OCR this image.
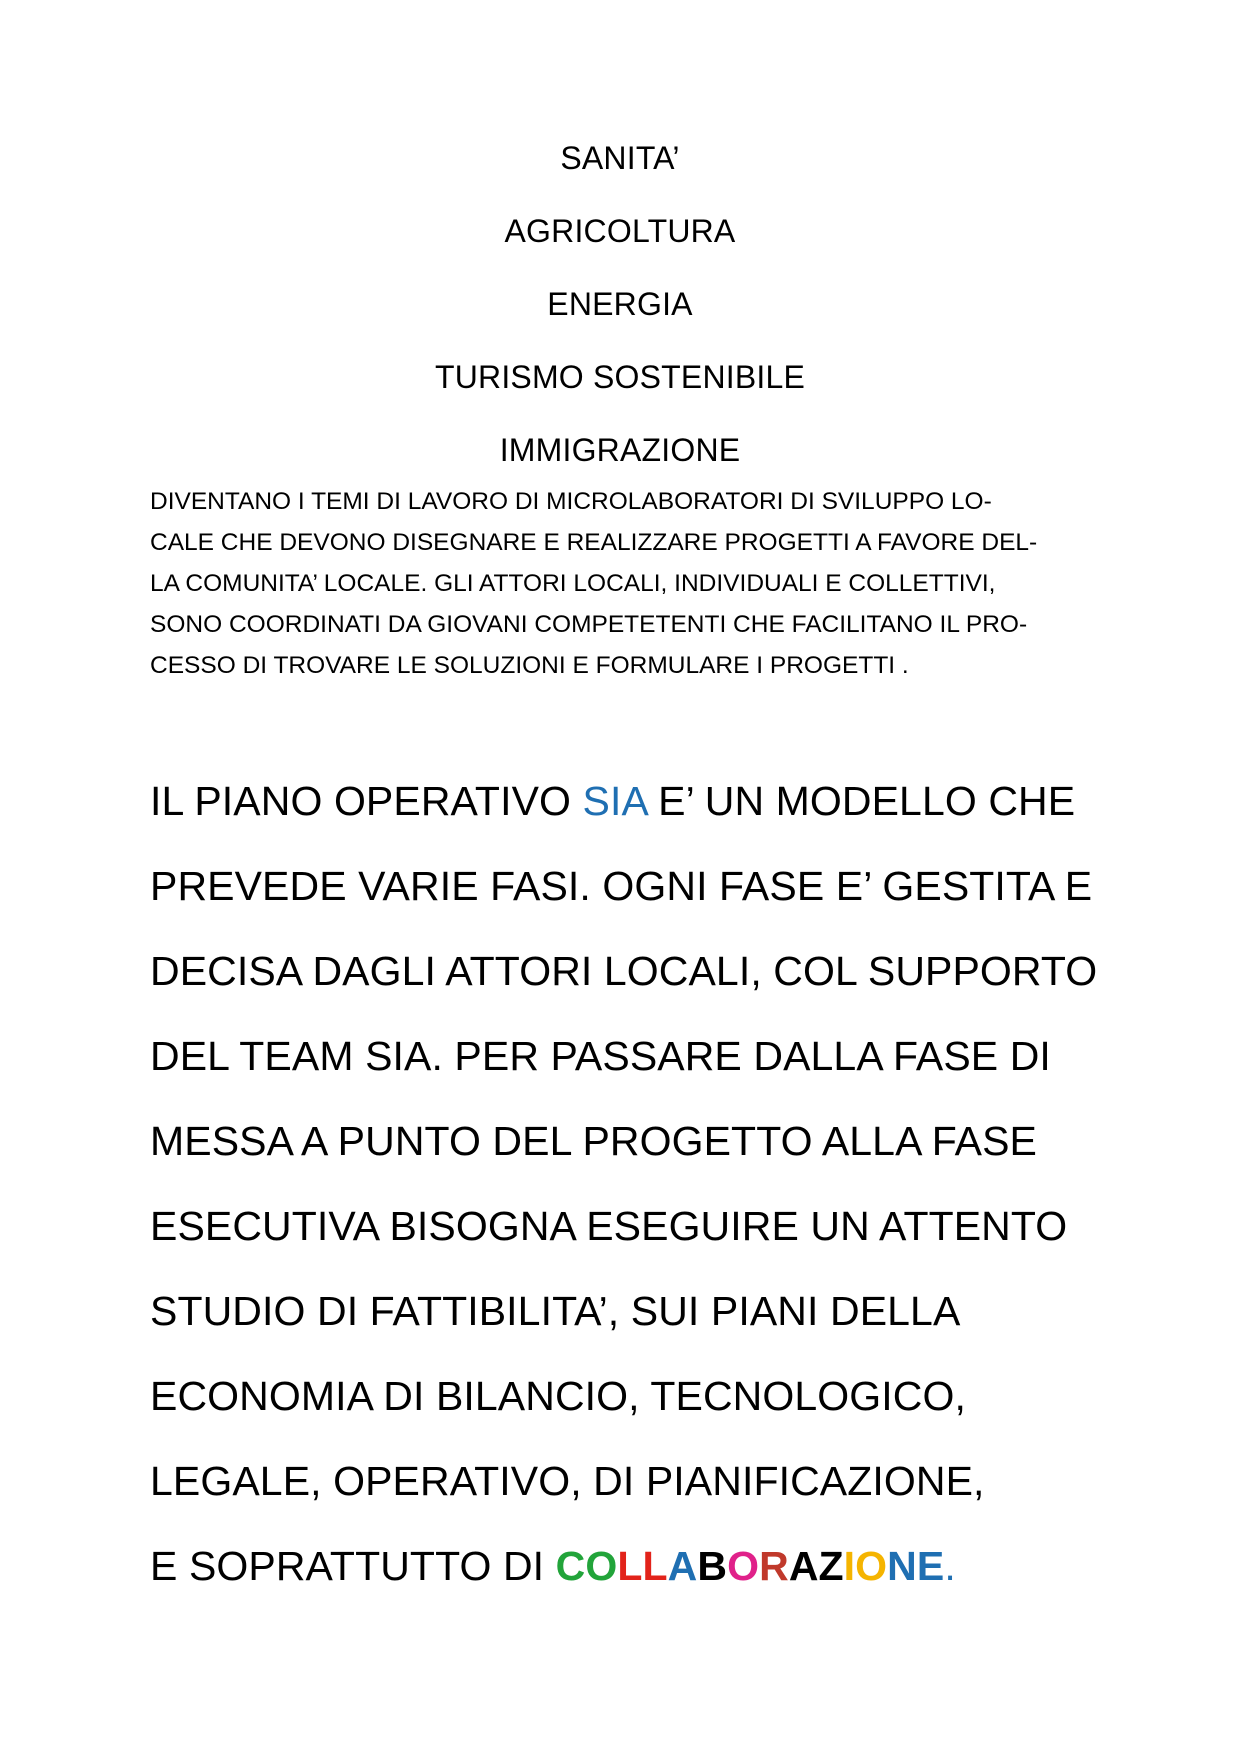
SANITA’
AGRICOLTURA
ENERGIA
TURISMO SOSTENIBILE
IMMIGRAZIONE
DIVENTANO I TEMI DI LAVORO DI MICROLABORATORI DI SVILUPPO LO-
CALE CHE DEVONO DISEGNARE E REALIZZARE PROGETTI A FAVORE DEL-
LA COMUNITA’ LOCALE. GLI ATTORI LOCALI, INDIVIDUALI E COLLETTIVI,
SONO COORDINATI DA GIOVANI COMPETETENTI CHE FACILITANO IL PRO-
CESSO DI TROVARE LE SOLUZIONI E FORMULARE I PROGETTI .
IL PIANO OPERATIVO SIA E’ UN MODELLO CHE
PREVEDE VARIE FASI. OGNI FASE E’ GESTITA E
DECISA DAGLI ATTORI LOCALI, COL SUPPORTO
DEL TEAM SIA. PER PASSARE DALLA FASE DI
MESSA A PUNTO DEL PROGETTO ALLA FASE
ESECUTIVA BISOGNA ESEGUIRE UN ATTENTO
STUDIO DI FATTIBILITA’, SUI PIANI DELLA
ECONOMIA DI BILANCIO, TECNOLOGICO,
LEGALE, OPERATIVO, DI PIANIFICAZIONE,
E SOPRATTUTTO DI COLLABORAZIONE.
